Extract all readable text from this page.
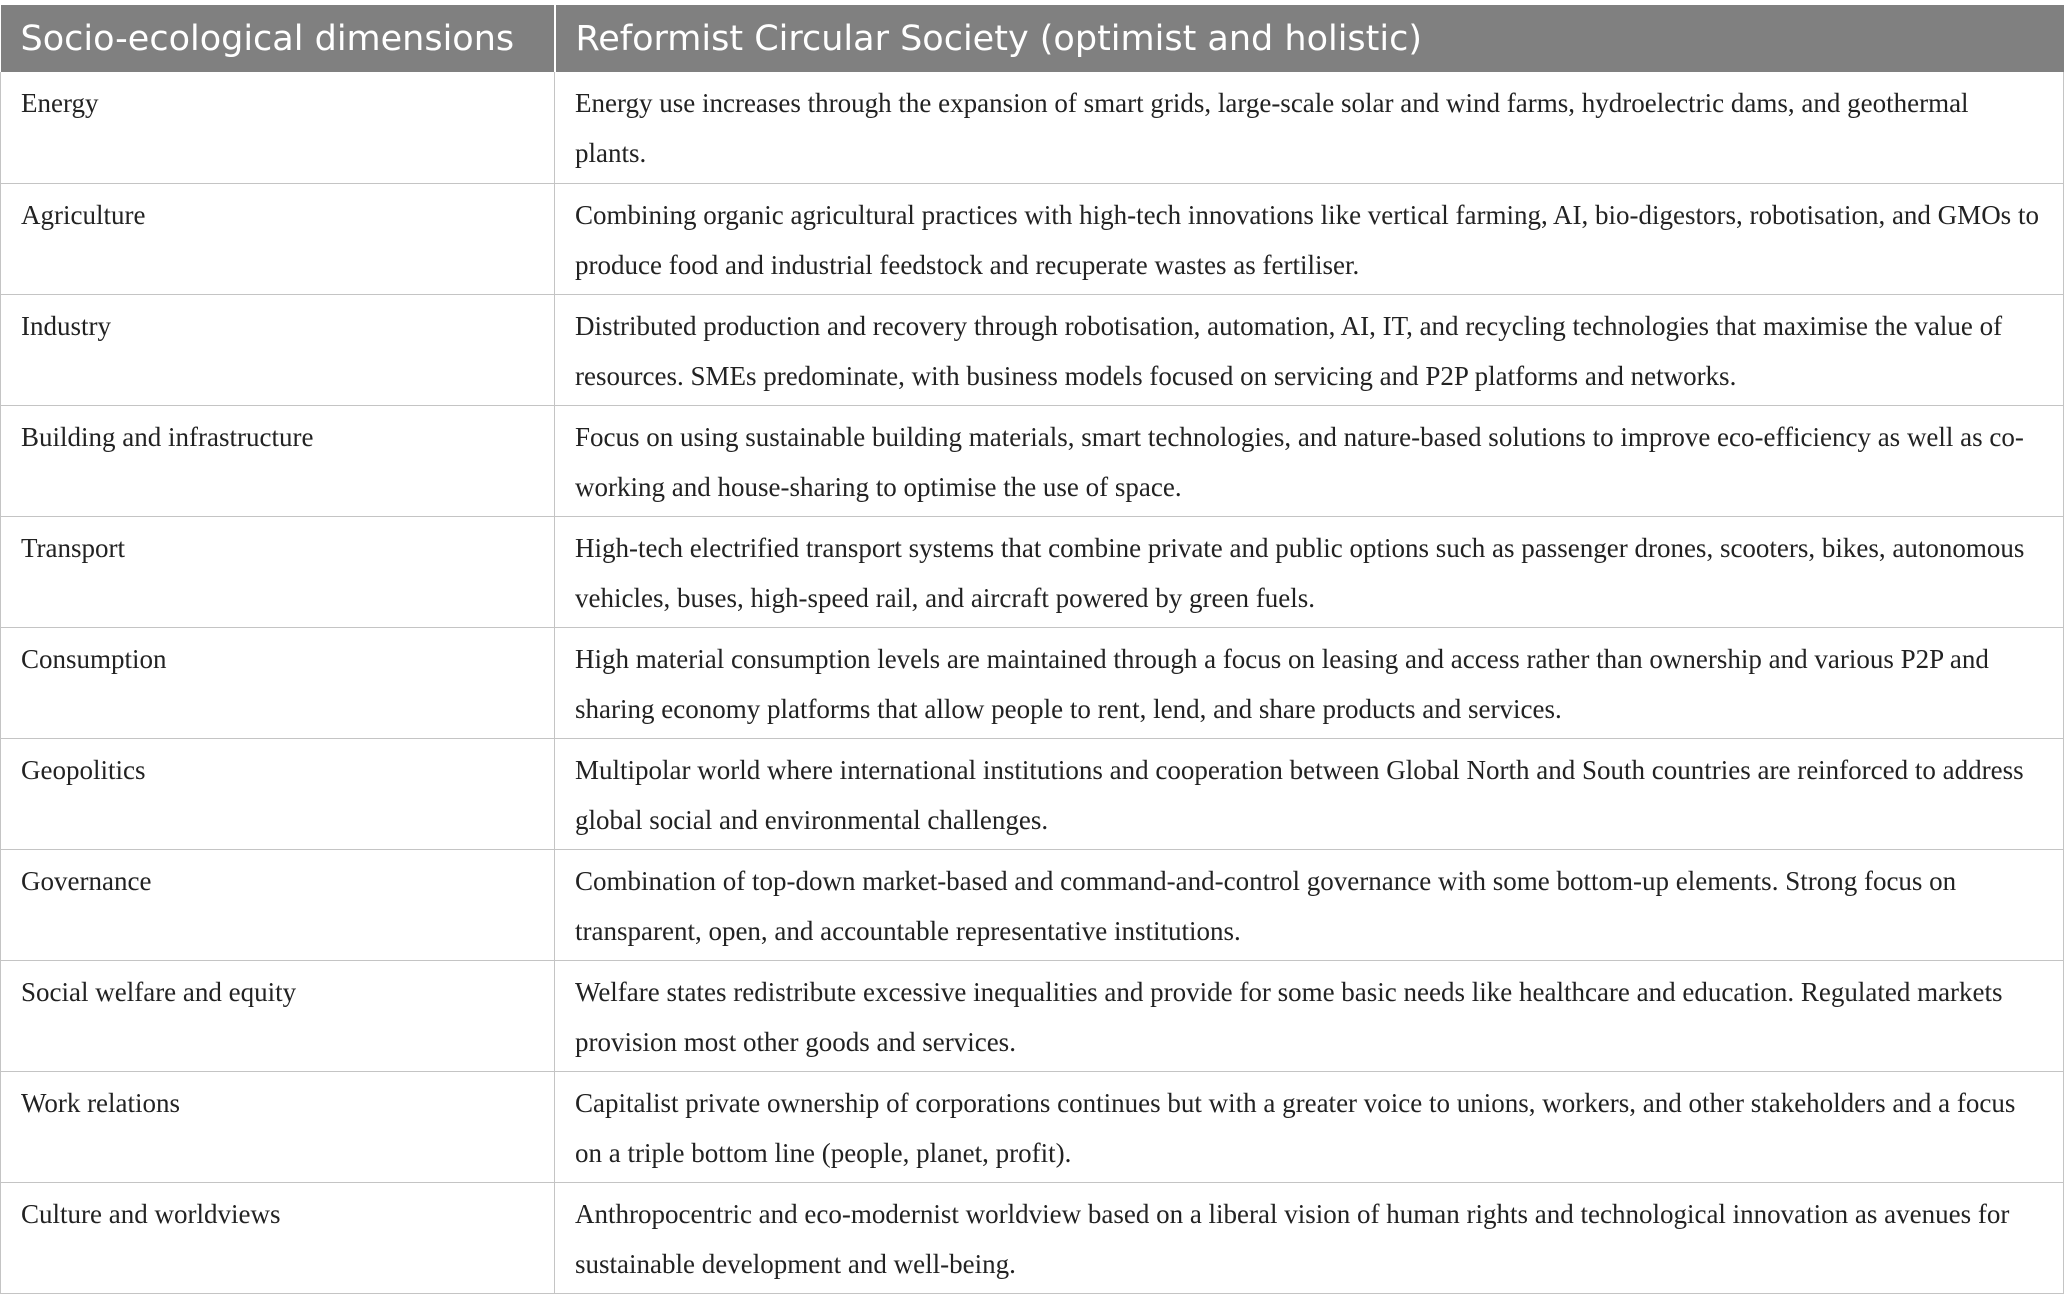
Socio-ecological dimensions	Reformist Circular Society (optimist and holistic)
Energy	Energy use increases through the expansion of smart grids, large-scale solar and wind farms, hydroelectric dams, and geothermal plants.
Agriculture	Combining organic agricultural practices with high-tech innovations like vertical farming, AI, bio-digestors, robotisation, and GMOs to produce food and industrial feedstock and recuperate wastes as fertiliser.
Industry	Distributed production and recovery through robotisation, automation, AI, IT, and recycling technologies that maximise the value of resources. SMEs predominate, with business models focused on servicing and P2P platforms and networks.
Building and infrastructure	Focus on using sustainable building materials, smart technologies, and nature-based solutions to improve eco-efficiency as well as co-working and house-sharing to optimise the use of space.
Transport	High-tech electrified transport systems that combine private and public options such as passenger drones, scooters, bikes, autonomous vehicles, buses, high-speed rail, and aircraft powered by green fuels.
Consumption	High material consumption levels are maintained through a focus on leasing and access rather than ownership and various P2P and sharing economy platforms that allow people to rent, lend, and share products and services.
Geopolitics	Multipolar world where international institutions and cooperation between Global North and South countries are reinforced to address global social and environmental challenges.
Governance	Combination of top-down market-based and command-and-control governance with some bottom-up elements. Strong focus on transparent, open, and accountable representative institutions.
Social welfare and equity	Welfare states redistribute excessive inequalities and provide for some basic needs like healthcare and education. Regulated markets provision most other goods and services.
Work relations	Capitalist private ownership of corporations continues but with a greater voice to unions, workers, and other stakeholders and a focus on a triple bottom line (people, planet, profit).
Culture and worldviews	Anthropocentric and eco-modernist worldview based on a liberal vision of human rights and technological innovation as avenues for sustainable development and well-being.
